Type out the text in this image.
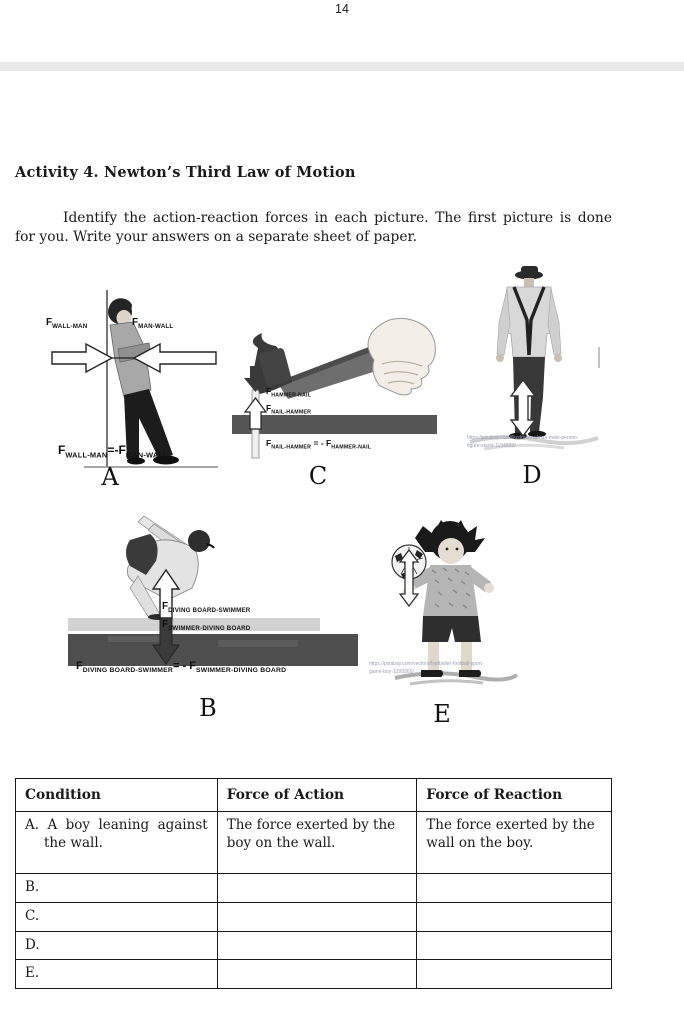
14
Activity 4. Newton’s Third Law of Motion
Identify the action-reaction forces in each picture. The first picture is done for you. Write your answers on a separate sheet of paper.
$F_{WALL-MAN}$	$F_{MAN-WALL}$
$F_{WALL-MAN}=-F_{MAN-WALL}$
A
$F_{HAMMER-NAIL}$
$F_{NAIL-HAMMER}$
$F_{NAIL-HAMMER}$ = - $F_{HAMMER-NAIL}$
C
https://pixabay.com/illustrations/man-male-person-
figure-stand-1134892/
D
$F_{DIVING BOARD-SWIMMER}$
$F_{SWIMMER-DIVING BOARD}$
$F_{DIVING BOARD-SWIMMER}= - F_{SWIMMER-DIVING BOARD}$
B
https://pixabay.com/vectors/footballer-football-sport-
game-boy-1299365/
E
Condition	Force of Action	Force of Reaction

A. A boy leaning against the wall.	The force exerted by the boy on the wall.	The force exerted by the wall on the boy.
B.		
C.		
D.		
E.		
